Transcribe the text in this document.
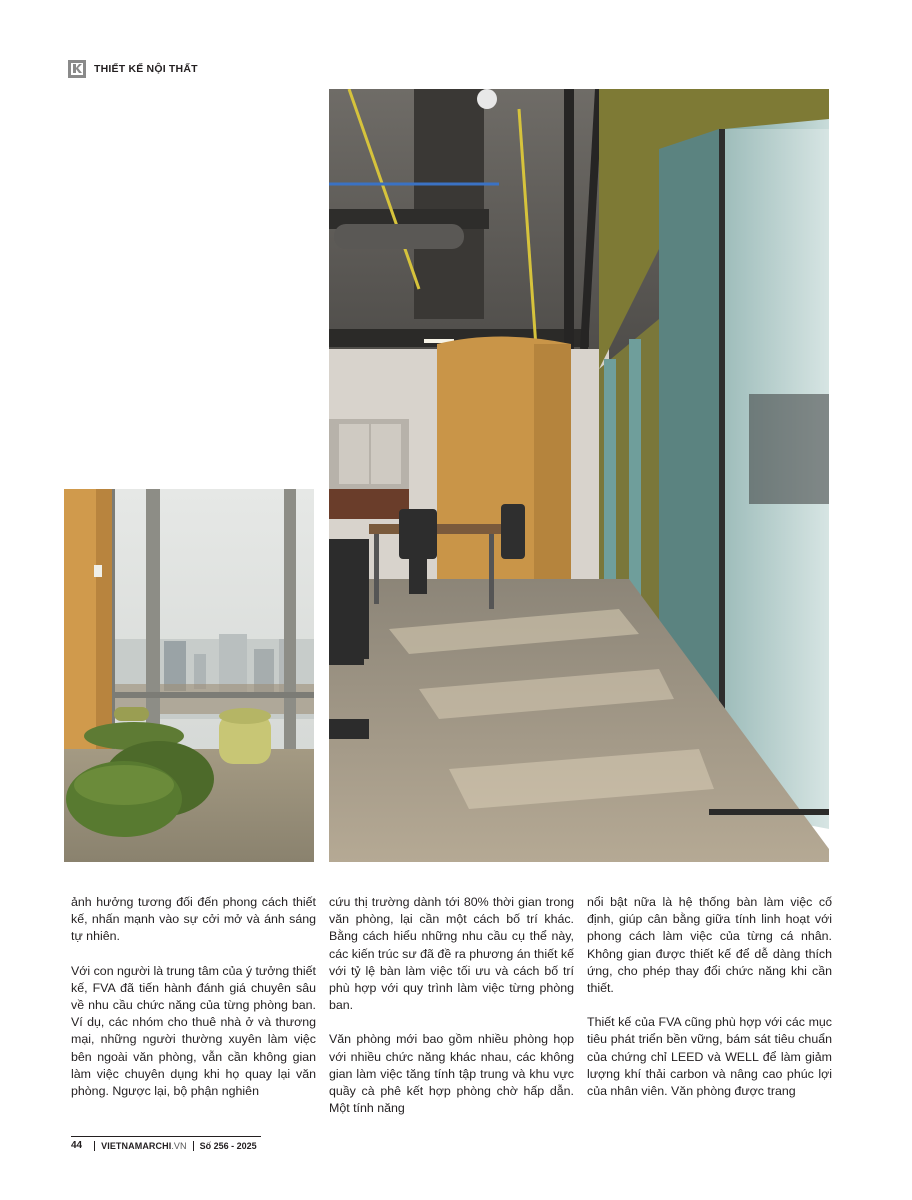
THIẾT KẾ NỘI THẤT

ảnh hưởng tương đối đến phong cách thiết kế, nhấn mạnh vào sự cởi mở và ánh sáng tự nhiên.

Với con người là trung tâm của ý tưởng thiết kế, FVA đã tiến hành đánh giá chuyên sâu về nhu cầu chức năng của từng phòng ban. Ví dụ, các nhóm cho thuê nhà ở và thương mại, những người thường xuyên làm việc bên ngoài văn phòng, vẫn cần không gian làm việc chuyên dụng khi họ quay lại văn phòng. Ngược lại, bộ phận nghiên

cứu thị trường dành tới 80% thời gian trong văn phòng, lại cần một cách bố trí khác. Bằng cách hiểu những nhu cầu cụ thể này, các kiến trúc sư đã đề ra phương án thiết kế với tỷ lệ bàn làm việc tối ưu và cách bố trí phù hợp với quy trình làm việc từng phòng ban.

Văn phòng mới bao gồm nhiều phòng họp với nhiều chức năng khác nhau, các không gian làm việc tăng tính tập trung và khu vực quầy cà phê kết hợp phòng chờ hấp dẫn. Một tính năng

nổi bật nữa là hệ thống bàn làm việc cố định, giúp cân bằng giữa tính linh hoạt với phong cách làm việc của từng cá nhân. Không gian được thiết kế để dễ dàng thích ứng, cho phép thay đổi chức năng khi cần thiết.

Thiết kế của FVA cũng phù hợp với các mục tiêu phát triển bền vững, bám sát tiêu chuẩn của chứng chỉ LEED và WELL để làm giảm lượng khí thải carbon và nâng cao phúc lợi của nhân viên. Văn phòng được trang

44 VIETNAMARCHI.VN Số 256 - 2025
